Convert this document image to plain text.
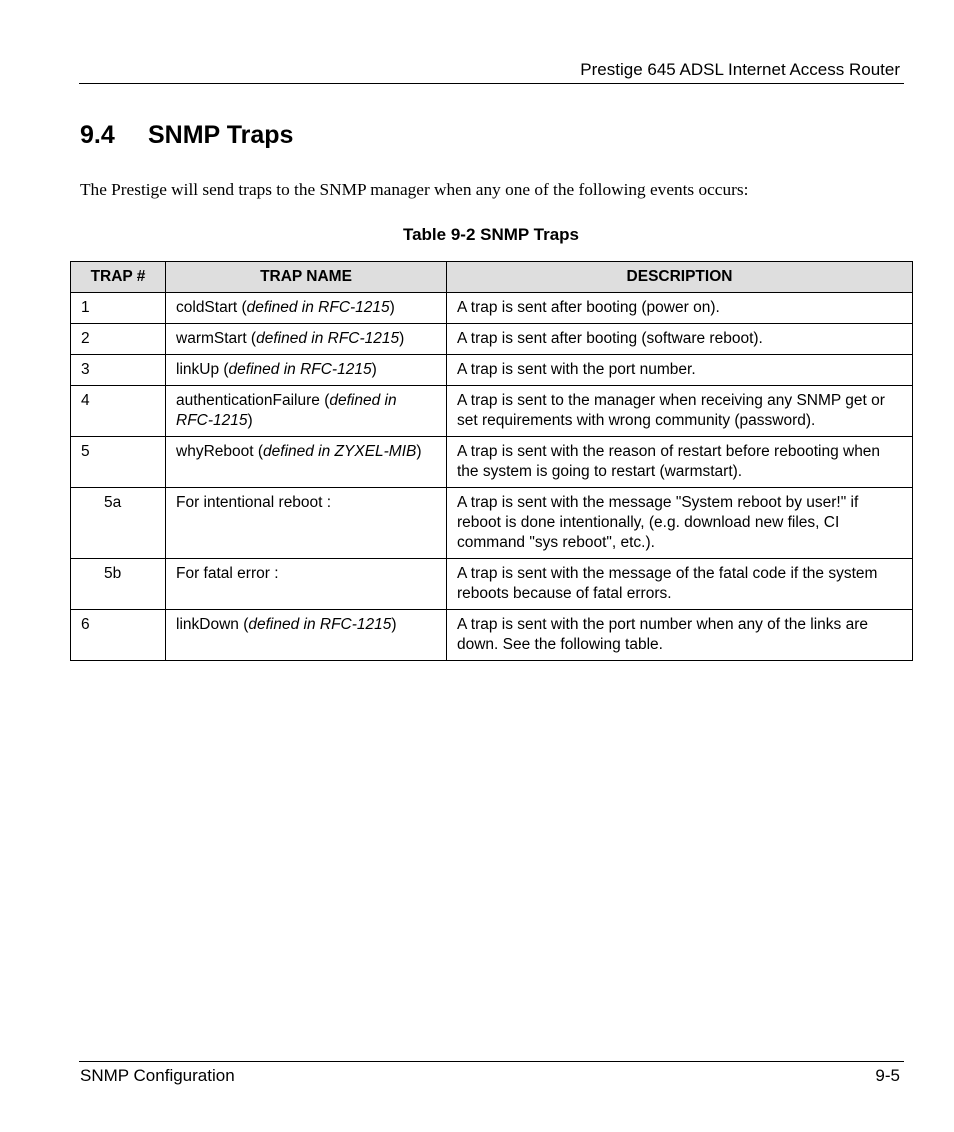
Prestige 645 ADSL Internet Access Router
9.4 SNMP Traps
The Prestige will send traps to the SNMP manager when any one of the following events occurs:
Table 9-2 SNMP Traps
TRAP #	TRAP NAME	DESCRIPTION
1	coldStart (defined in RFC-1215)	A trap is sent after booting (power on).
2	warmStart (defined in RFC-1215)	A trap is sent after booting (software reboot).
3	linkUp (defined in RFC-1215)	A trap is sent with the port number.
4	authenticationFailure (defined in RFC-1215)	A trap is sent to the manager when receiving any SNMP get or set requirements with wrong community (password).
5	whyReboot (defined in ZYXEL-MIB)	A trap is sent with the reason of restart before rebooting when the system is going to restart (warmstart).
5a	For intentional reboot :	A trap is sent with the message "System reboot by user!" if reboot is done intentionally, (e.g. download new files, CI command "sys reboot", etc.).
5b	For fatal error :	A trap is sent with the message of the fatal code if the system reboots because of fatal errors.
6	linkDown (defined in RFC-1215)	A trap is sent with the port number when any of the links are down. See the following table.
SNMP Configuration	9-5
